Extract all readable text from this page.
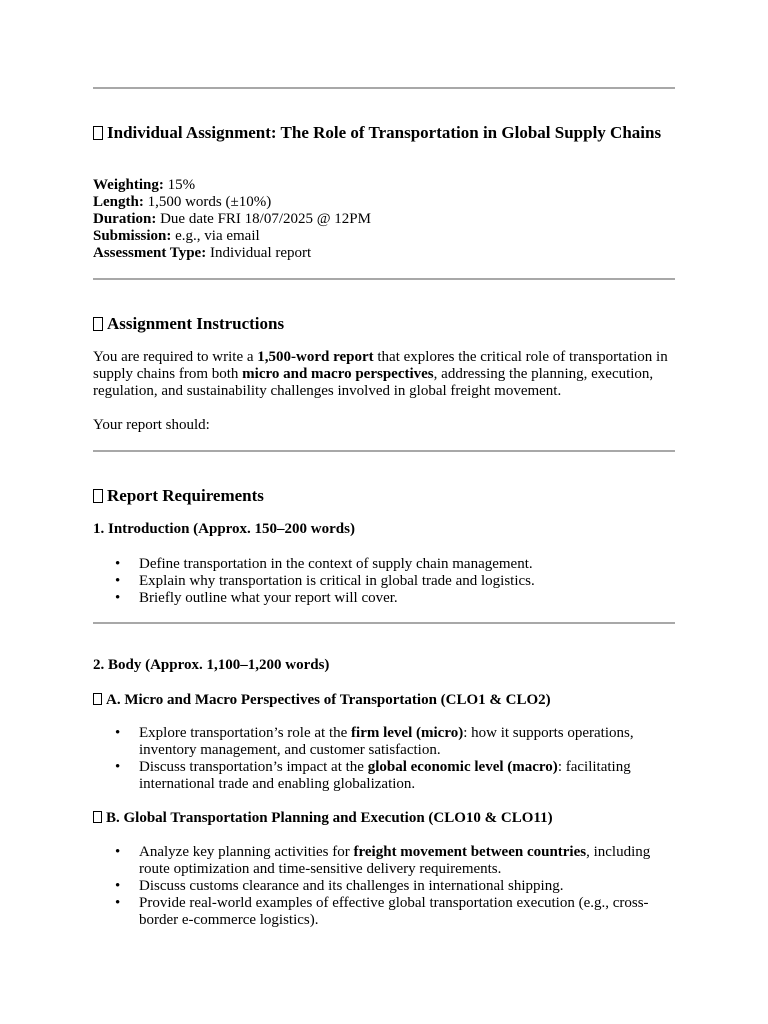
Individual Assignment: The Role of Transportation in Global Supply Chains
Weighting: 15%
Length: 1,500 words (±10%)
Duration: Due date FRI 18/07/2025 @ 12PM
Submission: e.g., via email
Assessment Type: Individual report
Assignment Instructions

You are required to write a 1,500-word report that explores the critical role of transportation in supply chains from both micro and macro perspectives, addressing the planning, execution, regulation, and sustainability challenges involved in global freight movement.

Your report should:

Report Requirements
1. Introduction (Approx. 150–200 words)
• Define transportation in the context of supply chain management.
• Explain why transportation is critical in global trade and logistics.
• Briefly outline what your report will cover.
2. Body (Approx. 1,100–1,200 words)
A. Micro and Macro Perspectives of Transportation (CLO1 & CLO2)
• Explore transportation’s role at the firm level (micro): how it supports operations, inventory management, and customer satisfaction.
• Discuss transportation’s impact at the global economic level (macro): facilitating international trade and enabling globalization.
B. Global Transportation Planning and Execution (CLO10 & CLO11)
• Analyze key planning activities for freight movement between countries, including route optimization and time-sensitive delivery requirements.
• Discuss customs clearance and its challenges in international shipping.
• Provide real-world examples of effective global transportation execution (e.g., cross-border e-commerce logistics).
